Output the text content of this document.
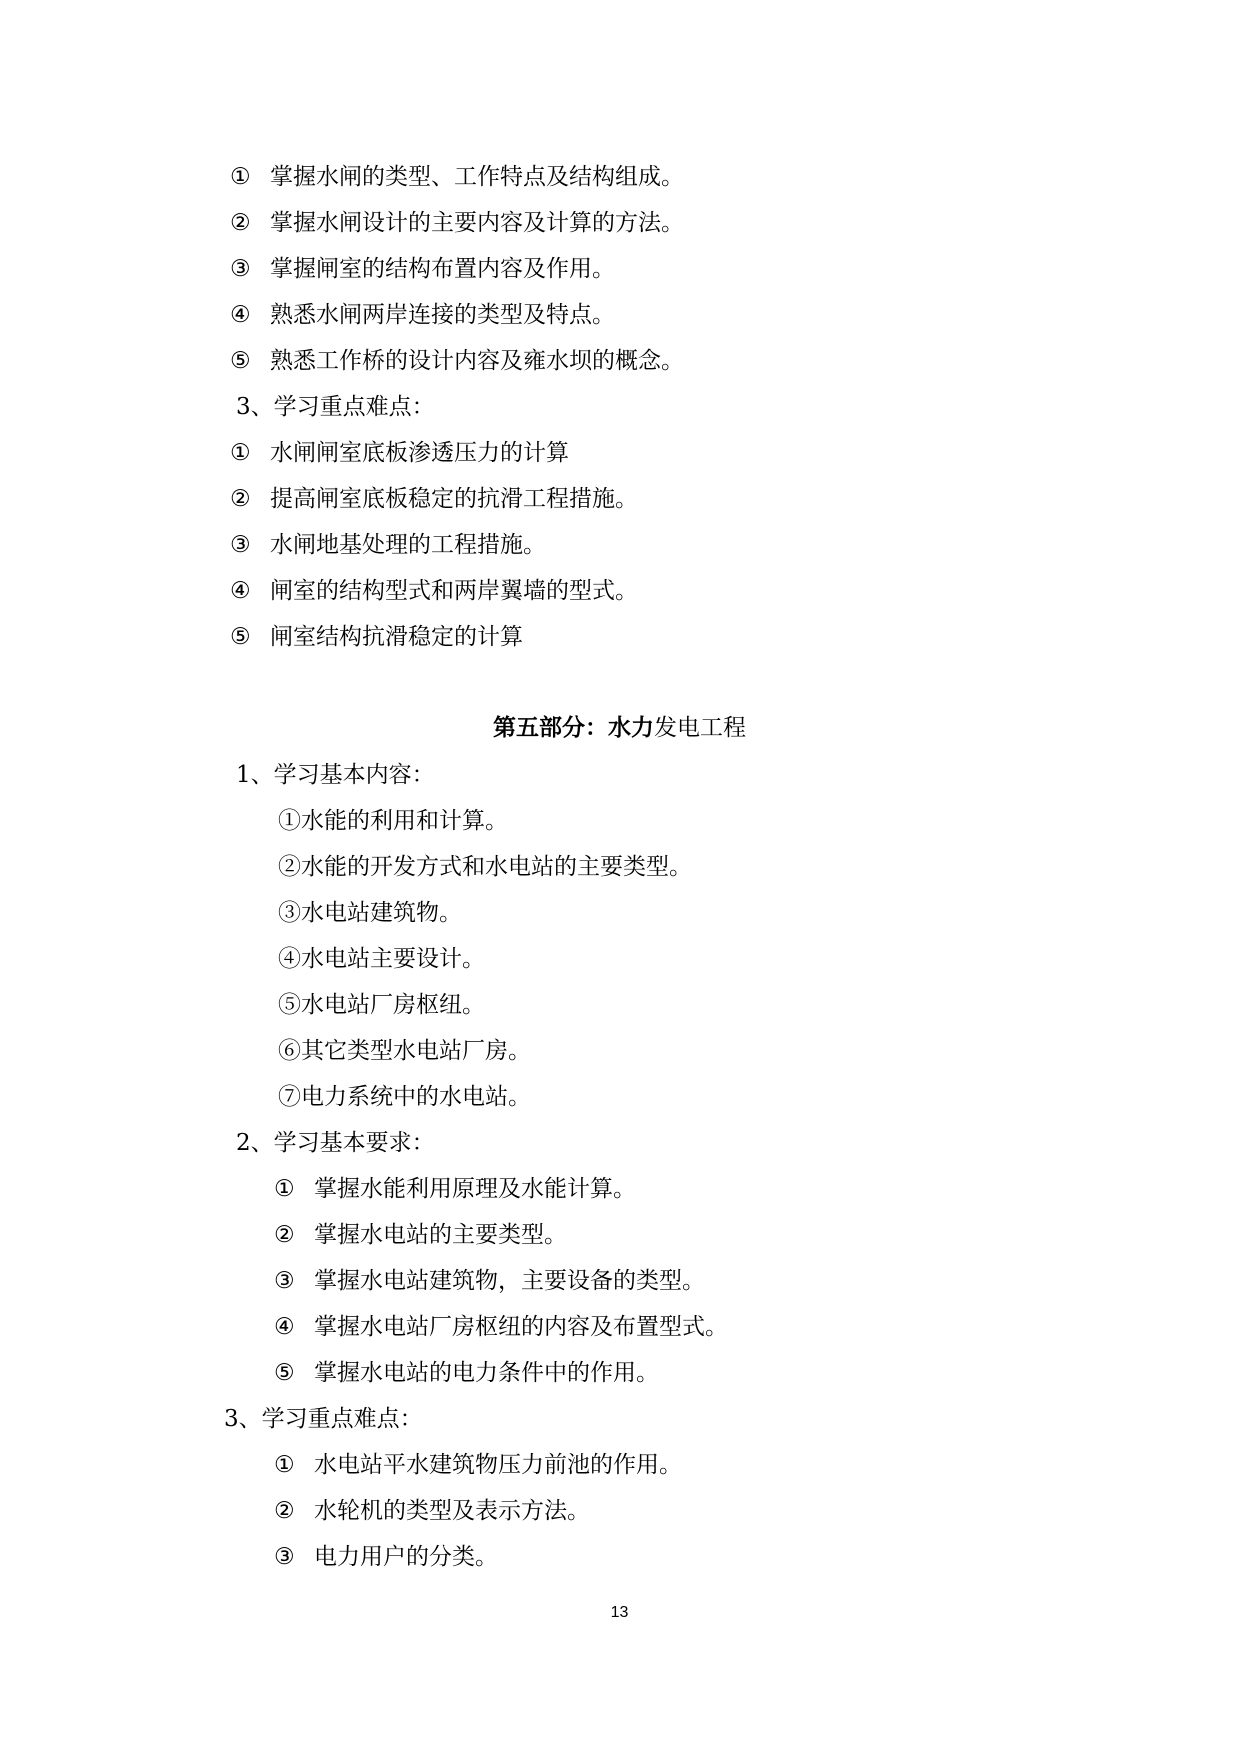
① 掌握水闸的类型、工作特点及结构组成。
② 掌握水闸设计的主要内容及计算的方法。
③ 掌握闸室的结构布置内容及作用。
④ 熟悉水闸两岸连接的类型及特点。
⑤ 熟悉工作桥的设计内容及雍水坝的概念。
3、学习重点难点：
① 水闸闸室底板渗透压力的计算
② 提高闸室底板稳定的抗滑工程措施。
③ 水闸地基处理的工程措施。
④ 闸室的结构型式和两岸翼墙的型式。
⑤ 闸室结构抗滑稳定的计算
第五部分：水力发电工程
1、学习基本内容：
①水能的利用和计算。
②水能的开发方式和水电站的主要类型。
③水电站建筑物。
④水电站主要设计。
⑤水电站厂房枢纽。
⑥其它类型水电站厂房。
⑦电力系统中的水电站。
2、学习基本要求：
① 掌握水能利用原理及水能计算。
② 掌握水电站的主要类型。
③ 掌握水电站建筑物，主要设备的类型。
④ 掌握水电站厂房枢纽的内容及布置型式。
⑤ 掌握水电站的电力条件中的作用。
3、学习重点难点：
① 水电站平水建筑物压力前池的作用。
② 水轮机的类型及表示方法。
③ 电力用户的分类。
13
